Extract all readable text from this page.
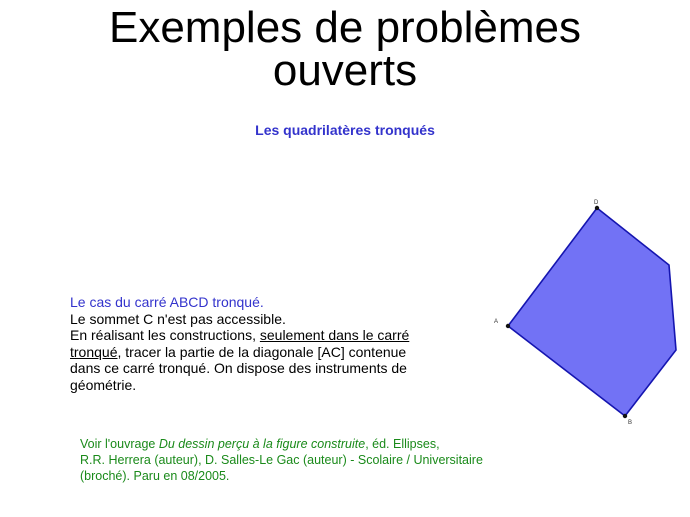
Exemples de problèmes
ouverts
Les quadrilatères tronqués
Le cas du carré ABCD tronqué.
Le sommet C n'est pas accessible.
En réalisant les constructions, seulement dans le carré
tronqué, tracer la partie de la diagonale [AC] contenue
dans ce carré tronqué. On dispose des instruments de
géométrie.
Voir l'ouvrage Du dessin perçu à la figure construite, éd. Ellipses,
R.R. Herrera (auteur), D. Salles-Le Gac (auteur) - Scolaire / Universitaire
(broché). Paru en 08/2005.
D
A
B
